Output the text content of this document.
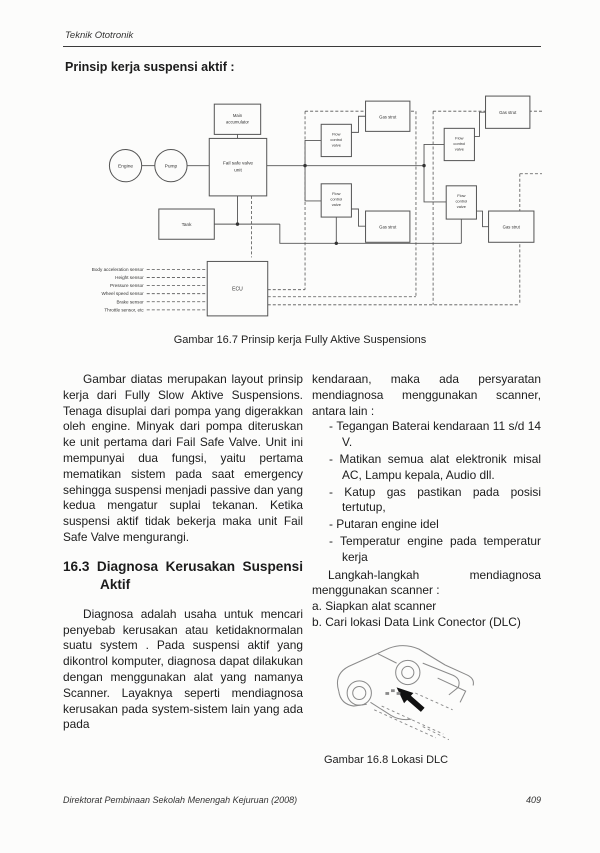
Teknik Ototronik
Prinsip kerja suspensi aktif :
Engine	Pump
Main
accumulator
Fail safe valve
unit
Tank
ECU
Flow
control
valve
Flow
control
valve
Flow
control
valve
Flow
control
valve
Gas strut
Gas strut
Gas strut	Gas strut
Body acceleration sensor
Height sensor
Pressure sensor
Wheel speed sensor
Brake sensor
Throttle sensor, etc
Gambar 16.7 Prinsip kerja Fully Aktive Suspensions

Gambar diatas merupakan layout prinsip kerja dari Fully Slow Aktive Suspensions. Tenaga disuplai dari pompa yang digerakkan oleh engine. Minyak dari pompa diteruskan ke unit pertama dari Fail Safe Valve. Unit ini mempunyai dua fungsi, yaitu pertama mematikan sistem pada saat emergency sehingga suspensi menjadi passive dan yang kedua mengatur suplai tekanan. Ketika suspensi aktif tidak bekerja maka unit Fail Safe Valve mengurangi.

16.3 Diagnosa Kerusakan Suspensi Aktif

Diagnosa adalah usaha untuk mencari penyebab kerusakan atau ketidaknormalan suatu system . Pada suspensi aktif yang dikontrol komputer, diagnosa dapat dilakukan dengan menggunakan alat yang namanya Scanner. Layaknya seperti mendiagnosa kerusakan pada system-sistem lain yang ada pada

kendaraan, maka ada persyaratan mendiagnosa menggunakan scanner, antara lain :

- Tegangan Baterai kendaraan 11 s/d 14 V.
- Matikan semua alat elektronik misal AC, Lampu kepala, Audio dll.
- Katup gas pastikan pada posisi tertutup,
- Putaran engine idel
- Temperatur engine pada temperatur kerja

Langkah-langkah mendiagnosa menggunakan scanner :

a. Siapkan alat scanner

b. Cari lokasi Data Link Conector (DLC)

Gambar 16.8 Lokasi DLC
Direktorat Pembinaan Sekolah Menengah Kejuruan (2008)	409
